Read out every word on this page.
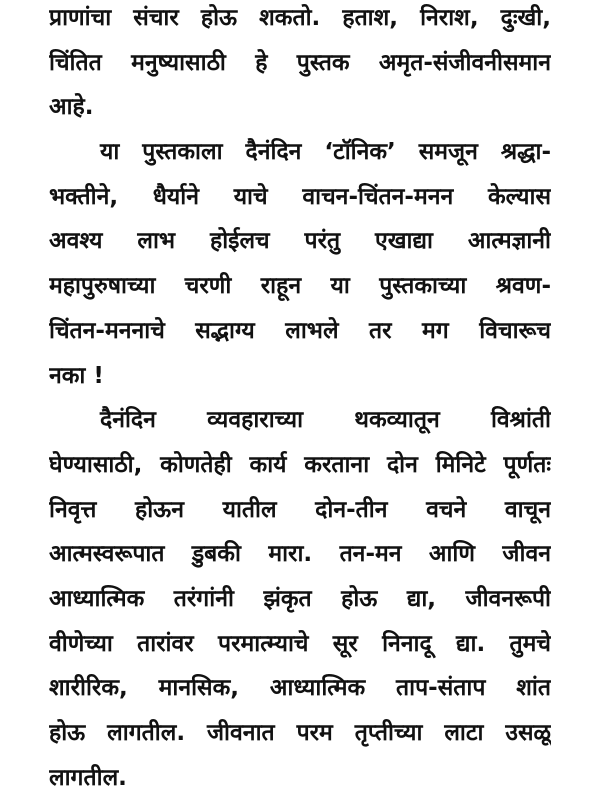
प्राणांचा संचार होऊ शकतो. हताश, निराश, दुःखी,
चिंतित मनुष्यासाठी हे पुस्तक अमृत-संजीवनीसमान
आहे.
या पुस्तकाला दैनंदिन ‘टॉनिक’ समजून श्रद्धा-
भक्तीने, धैर्याने याचे वाचन-चिंतन-मनन केल्यास
अवश्य लाभ होईलच परंतु एखाद्या आत्मज्ञानी
महापुरुषाच्या चरणी राहून या पुस्तकाच्या श्रवण-
चिंतन-मननाचे सद्भाग्य लाभले तर मग विचारूच
नका !
दैनंदिन व्यवहाराच्या थकव्यातून विश्रांती
घेण्यासाठी, कोणतेही कार्य करताना दोन मिनिटे पूर्णतः
निवृत्त होऊन यातील दोन-तीन वचने वाचून
आत्मस्वरूपात डुबकी मारा. तन-मन आणि जीवन
आध्यात्मिक तरंगांनी झंकृत होऊ द्या, जीवनरूपी
वीणेच्या तारांवर परमात्म्याचे सूर निनादू द्या. तुमचे
शारीरिक, मानसिक, आध्यात्मिक ताप-संताप शांत
होऊ लागतील. जीवनात परम तृप्तीच्या लाटा उसळू
लागतील.
